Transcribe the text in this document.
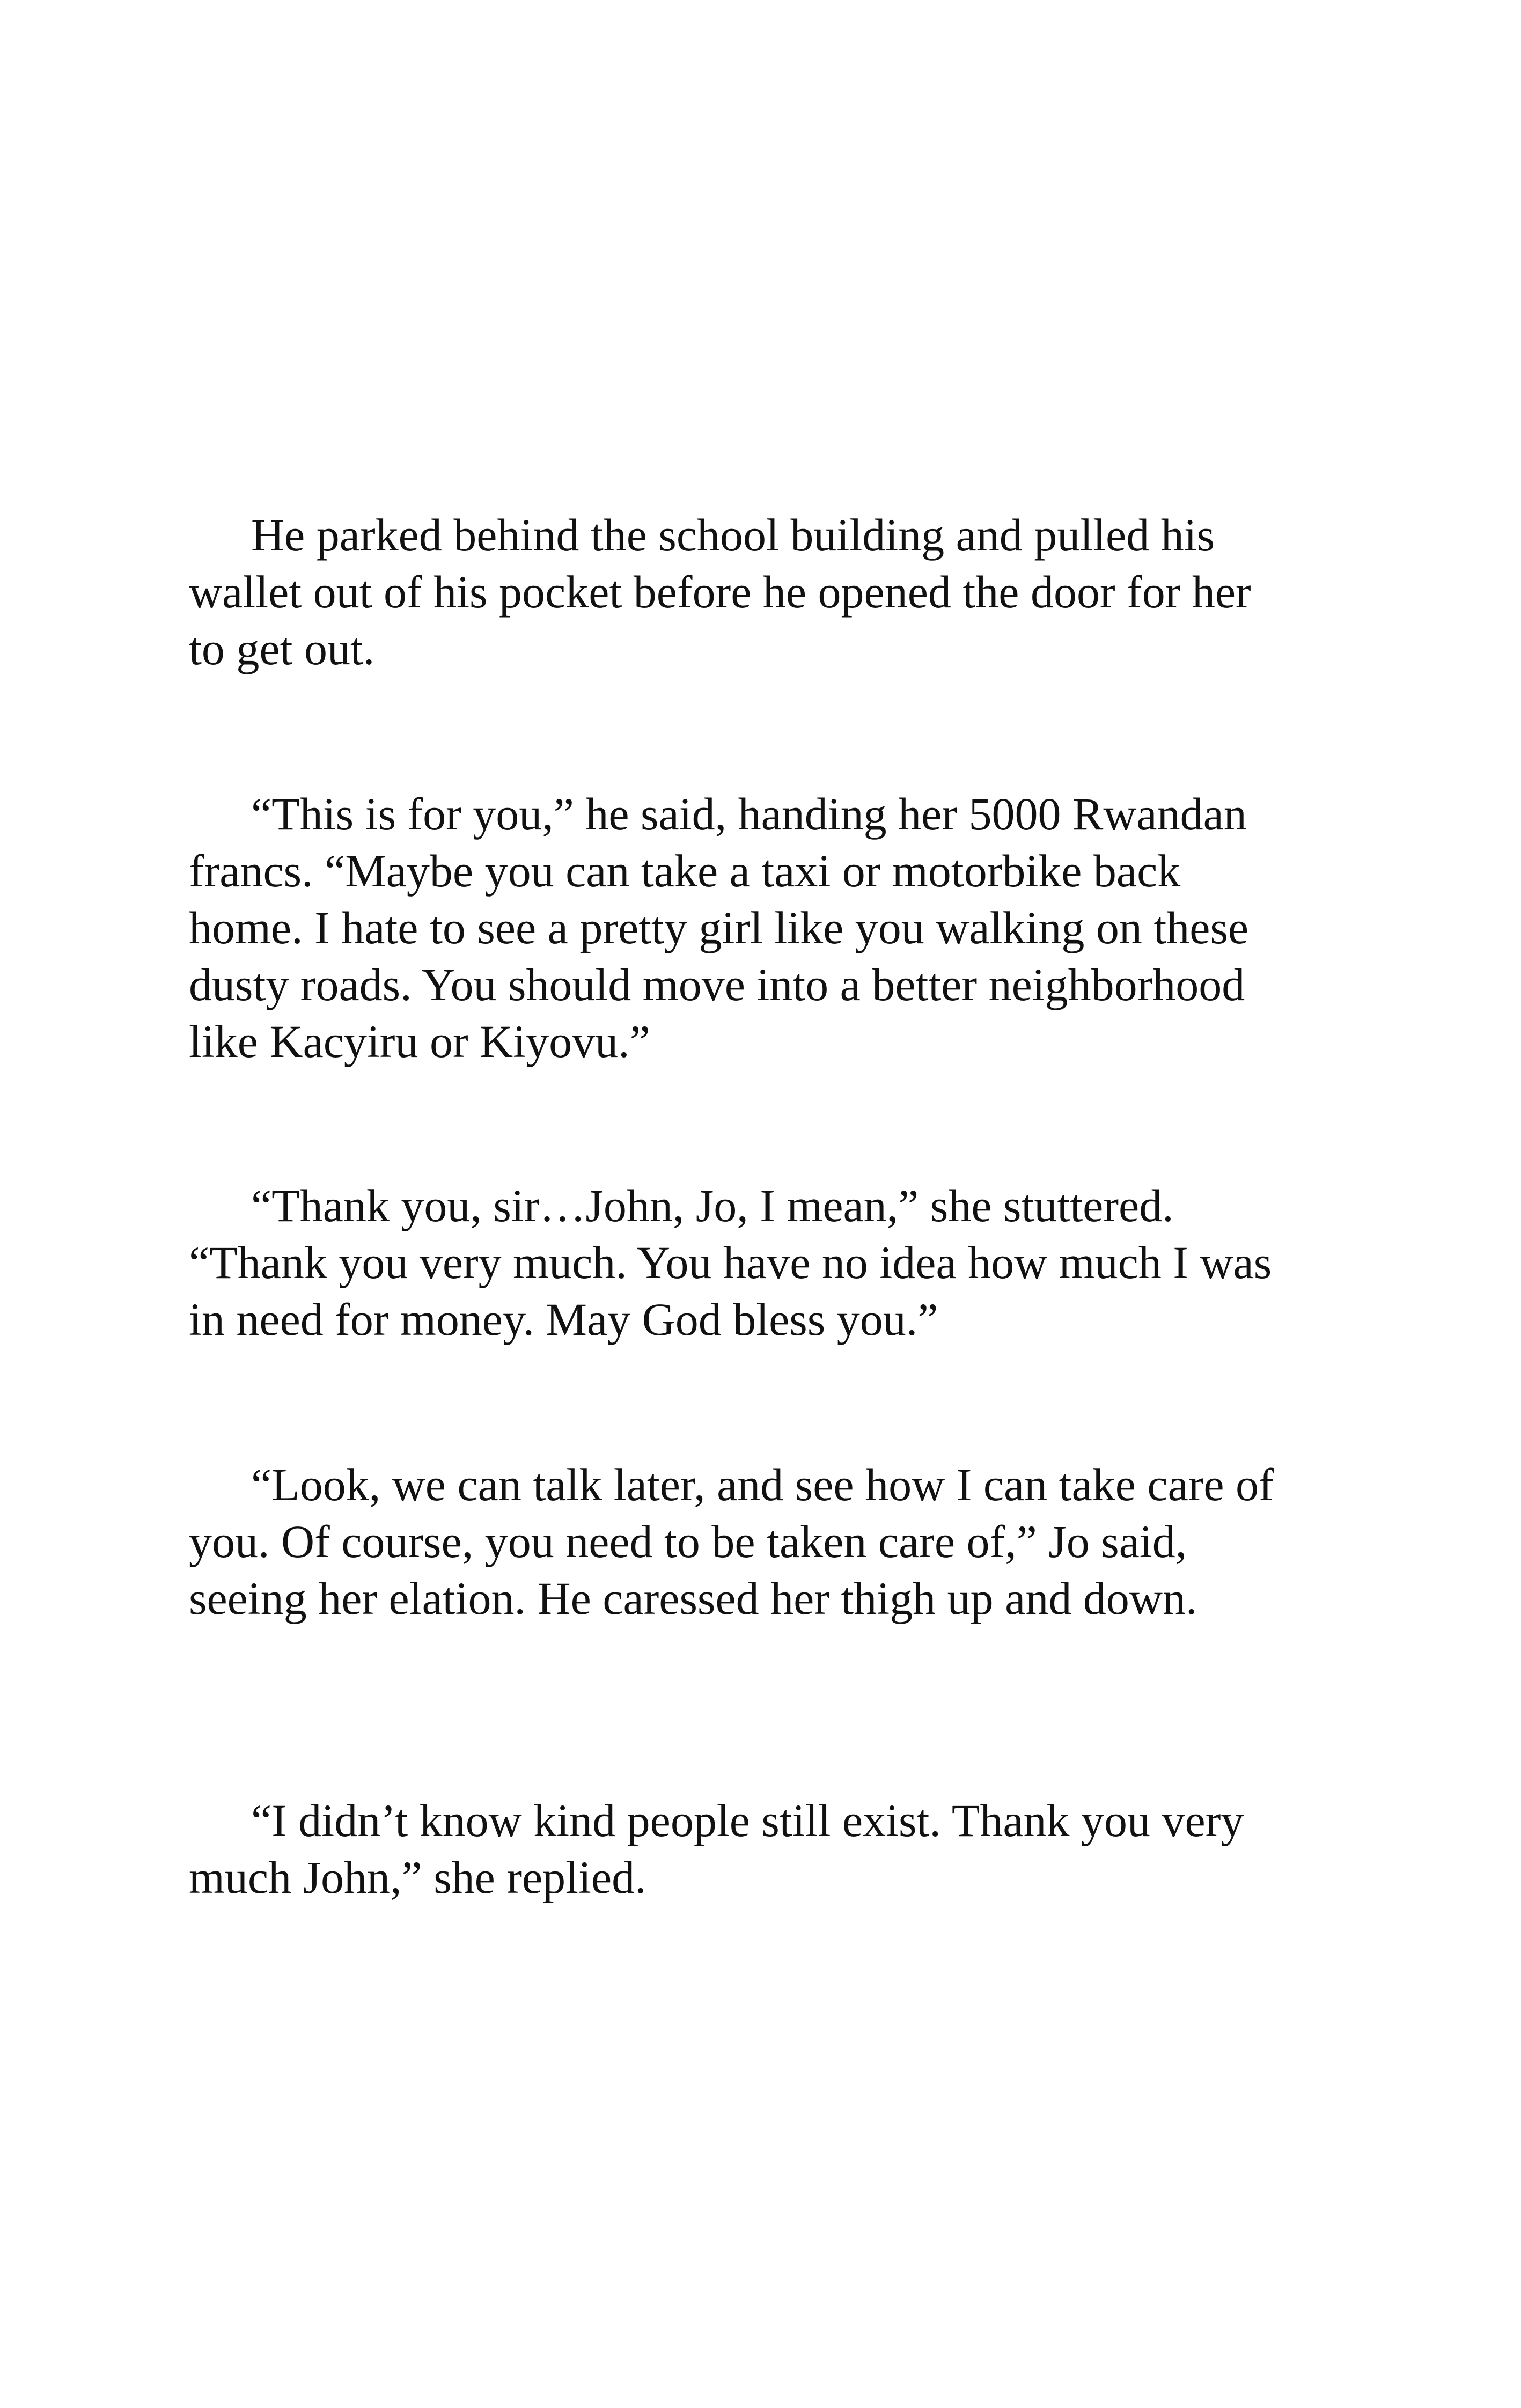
He parked behind the school building and pulled his wallet out of his pocket before he opened the door for her to get out.

“This is for you,” he said, handing her 5000 Rwandan francs. “Maybe you can take a taxi or motorbike back home. I hate to see a pretty girl like you walking on these dusty roads. You should move into a better neighborhood like Kacyiru or Kiyovu.”

“Thank you, sir…John, Jo, I mean,” she stuttered. “Thank you very much. You have no idea how much I was in need for money. May God bless you.”

“Look, we can talk later, and see how I can take care of you. Of course, you need to be taken care of,” Jo said, seeing her elation. He caressed her thigh up and down.

“I didn’t know kind people still exist. Thank you very much John,” she replied.
